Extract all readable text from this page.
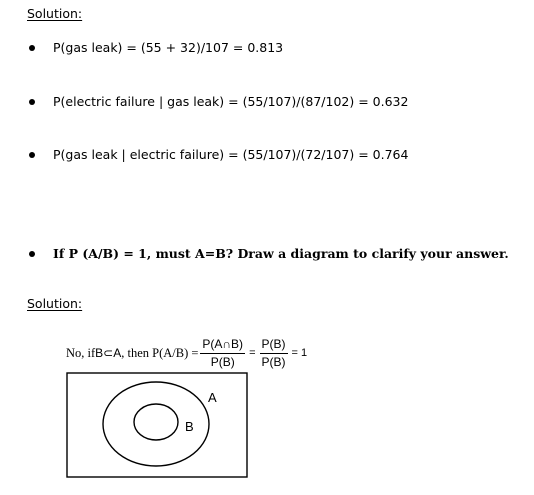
Solution:
P(gas leak) = (55 + 32)/107 = 0.813
P(electric failure | gas leak) = (55/107)/(87/102) = 0.632
P(gas leak | electric failure) = (55/107)/(72/107) = 0.764
If P (A/B) = 1, must A=B? Draw a diagram to clarify your answer.
Solution:
No, if B⊂A , then $P(A/B) = \frac{P(A\cap B)}{P(B)} = \frac{P(B)}{P(B)} = 1$
A
B
